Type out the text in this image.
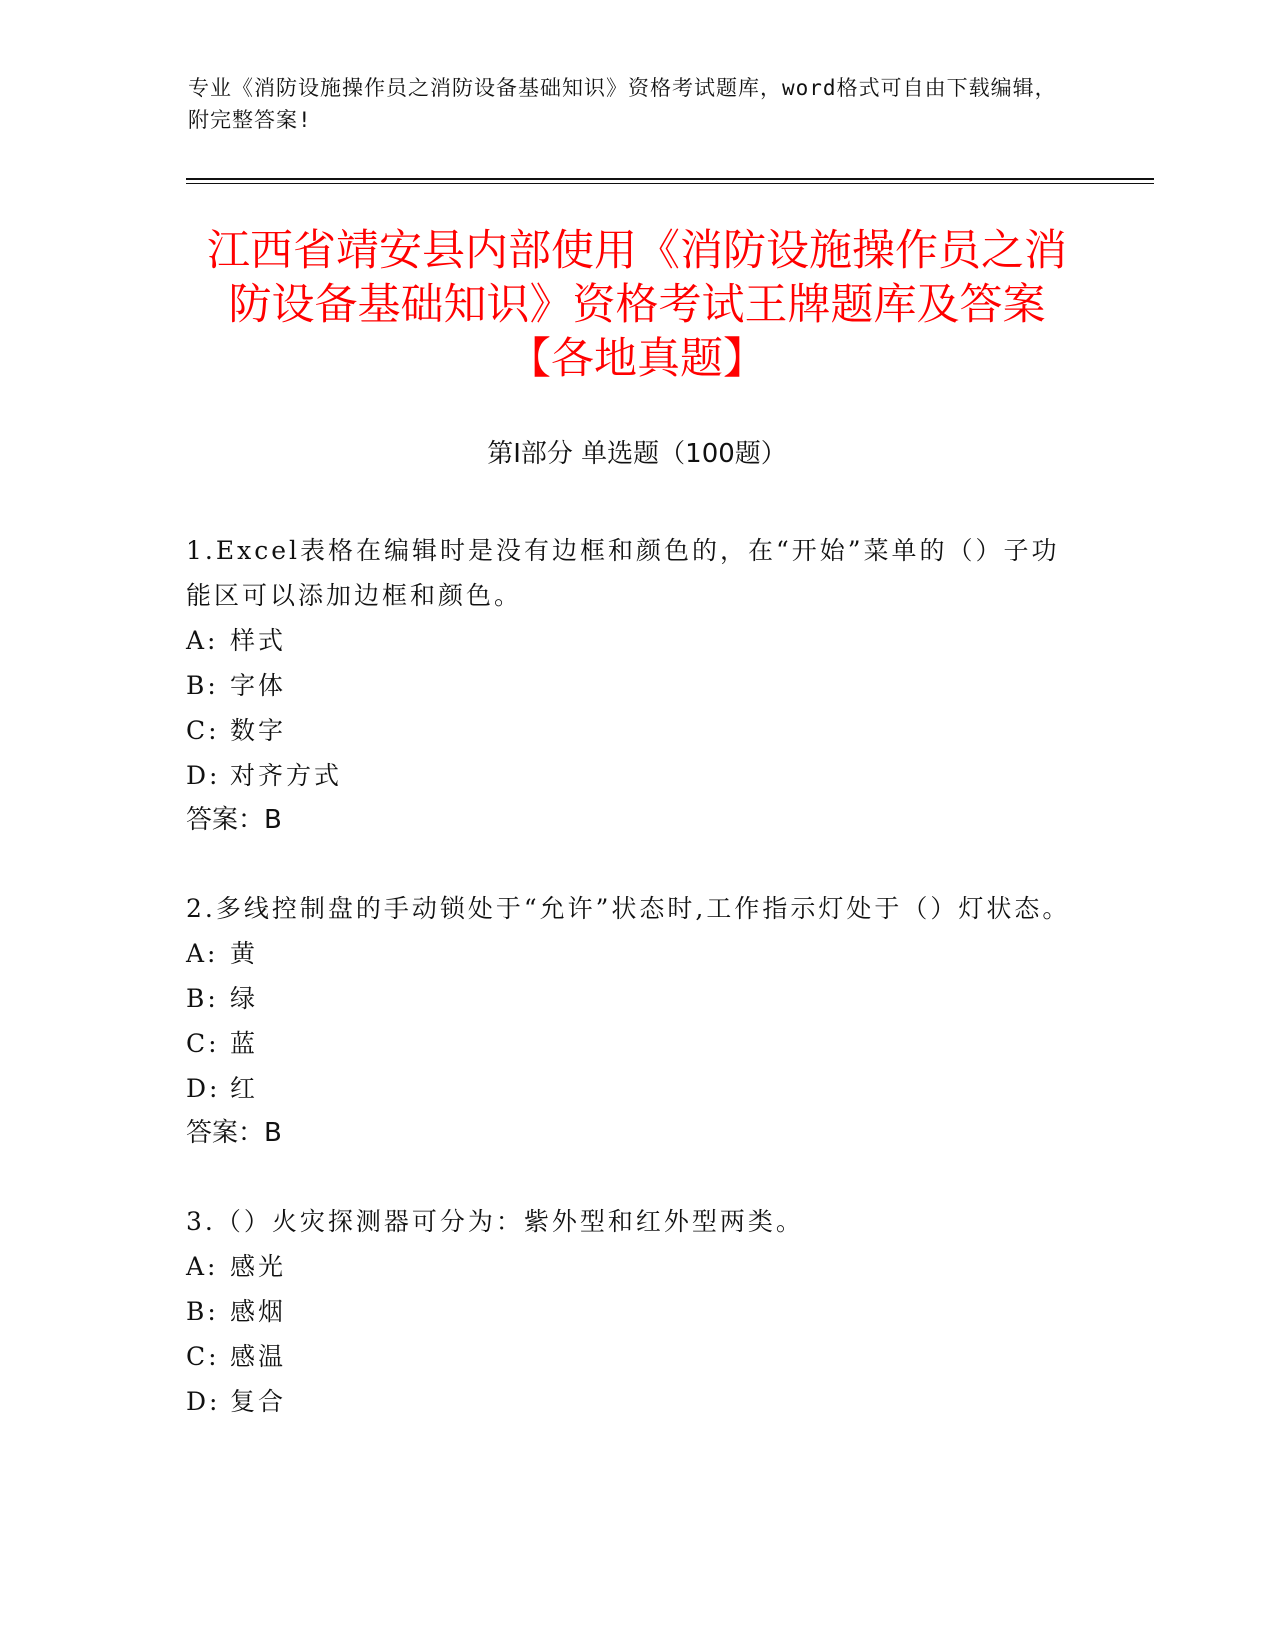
专业《消防设施操作员之消防设备基础知识》资格考试题库，word格式可自由下载编辑，附完整答案!
江西省靖安县内部使用《消防设施操作员之消防设备基础知识》资格考试王牌题库及答案【各地真题】
第Ⅰ部分 单选题（100题）

1.Excel表格在编辑时是没有边框和颜色的，在“开始”菜单的（）子功能区可以添加边框和颜色。

A: 样式
B: 字体
C: 数字
D: 对齐方式
答案：B

2.多线控制盘的手动锁处于“允许”状态时,工作指示灯处于（）灯状态。

A: 黄
B: 绿
C: 蓝
D: 红
答案：B

3.（）火灾探测器可分为：紫外型和红外型两类。

A: 感光
B: 感烟
C: 感温
D: 复合
